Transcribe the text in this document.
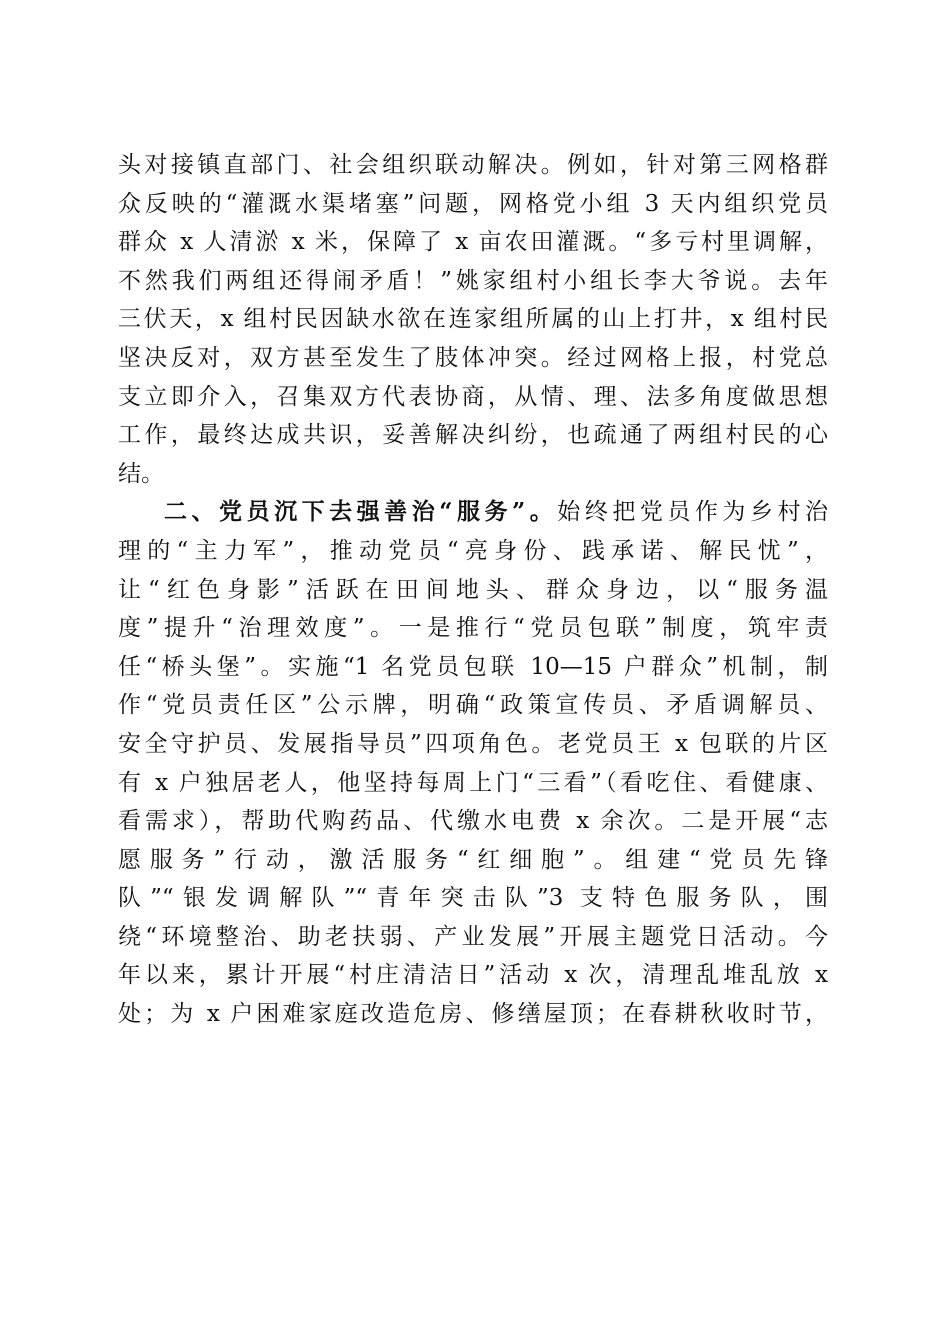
头对接镇直部门、社会组织联动解决。例如，针对第三网格群
众反映的“灌溉水渠堵塞”问题，网格党小组 3 天内组织党员
群众 x 人清淤 x 米，保障了 x 亩农田灌溉。“多亏村里调解，
不然我们两组还得闹矛盾！”姚家组村小组长李大爷说。去年
三伏天，x 组村民因缺水欲在连家组所属的山上打井，x 组村民
坚决反对，双方甚至发生了肢体冲突。经过网格上报，村党总
支立即介入，召集双方代表协商，从情、理、法多角度做思想
工作，最终达成共识，妥善解决纠纷，也疏通了两组村民的心
结。
二、党员沉下去强善治“服务”。始终把党员作为乡村治
理的“主力军”，推动党员“亮身份、践承诺、解民忧”，
让“红色身影”活跃在田间地头、群众身边，以“服务温
度”提升“治理效度”。一是推行“党员包联”制度，筑牢责
任“桥头堡”。实施“1 名党员包联 10—15 户群众”机制，制
作“党员责任区”公示牌，明确“政策宣传员、矛盾调解员、
安全守护员、发展指导员”四项角色。老党员王 x 包联的片区
有 x 户独居老人，他坚持每周上门“三看”（看吃住、看健康、
看需求），帮助代购药品、代缴水电费 x 余次。二是开展“志
愿服务”行动，激活服务“红细胞”。组建“党员先锋
队”“银发调解队”“青年突击队”3 支特色服务队，围
绕“环境整治、助老扶弱、产业发展”开展主题党日活动。今
年以来，累计开展“村庄清洁日”活动 x 次，清理乱堆乱放 x
处；为 x 户困难家庭改造危房、修缮屋顶；在春耕秋收时节，
